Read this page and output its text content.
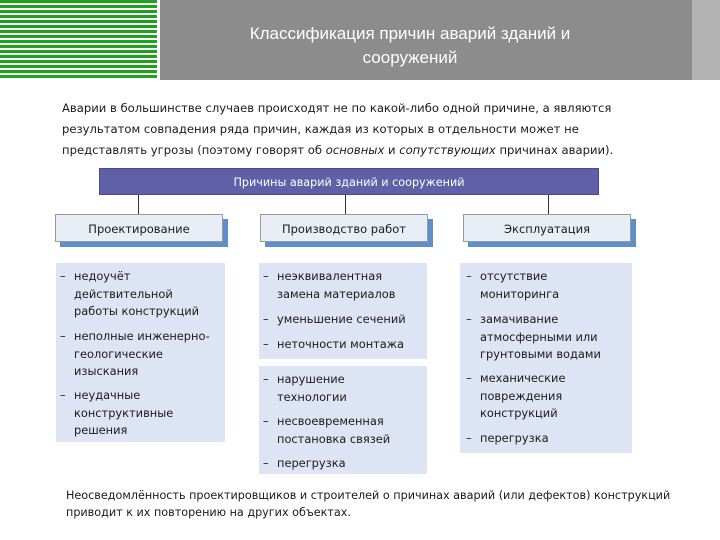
Классификация причин аварий зданий и
сооружений
Аварии в большинстве случаев происходят не по какой-либо одной причине, а являются результатом совпадения ряда причин, каждая из которых в отдельности может не представлять угрозы (поэтому говорят об основных и сопутствующих причинах аварии).
Причины аварий зданий и сооружений
Проектирование	Производство работ	Эксплуатация
– недоучёт
действительной
работы конструкций
– неполные инженерно-
геологические
изыскания
– неудачные
конструктивные
решения
– неэквивалентная
замена материалов
– уменьшение сечений
– неточности монтажа
– нарушение
технологии
– несвоевременная
постановка связей
– перегрузка
– отсутствие
мониторинга
– замачивание
атмосферными или
грунтовыми водами
– механические
повреждения
конструкций
– перегрузка
Неосведомлённость проектировщиков и строителей о причинах аварий (или дефектов) конструкций приводит к их повторению на других объектах.
